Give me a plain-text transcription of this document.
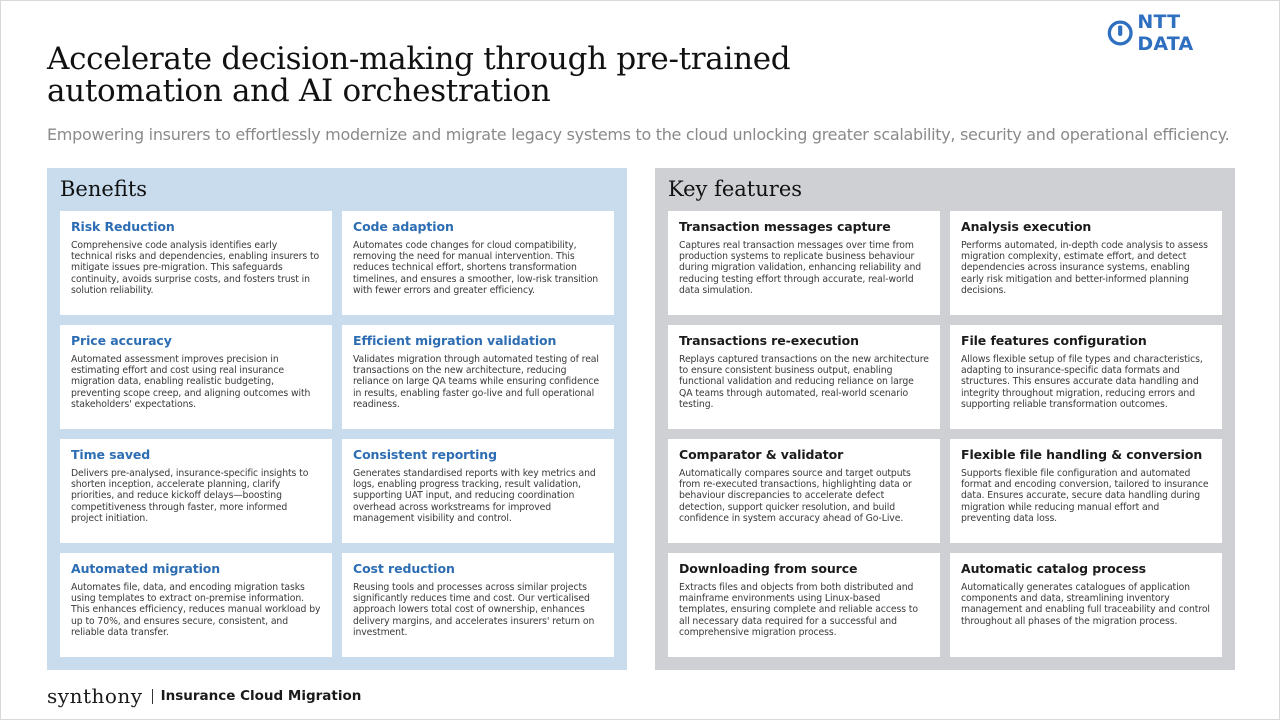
NTT DATA
Accelerate decision-making through pre-trained automation and AI orchestration

Empowering insurers to effortlessly modernize and migrate legacy systems to the cloud unlocking greater scalability, security and operational efficiency.

Benefits
Risk Reduction

Comprehensive code analysis identifies early technical risks and dependencies, enabling insurers to mitigate issues pre-migration. This safeguards continuity, avoids surprise costs, and fosters trust in solution reliability.

Code adaption

Automates code changes for cloud compatibility, removing the need for manual intervention. This reduces technical effort, shortens transformation timelines, and ensures a smoother, low-risk transition with fewer errors and greater efficiency.

Price accuracy

Automated assessment improves precision in estimating effort and cost using real insurance migration data, enabling realistic budgeting, preventing scope creep, and aligning outcomes with stakeholders' expectations.

Efficient migration validation

Validates migration through automated testing of real transactions on the new architecture, reducing reliance on large QA teams while ensuring confidence in results, enabling faster go-live and full operational readiness.

Time saved

Delivers pre-analysed, insurance-specific insights to shorten inception, accelerate planning, clarify priorities, and reduce kickoff delays—boosting competitiveness through faster, more informed project initiation.

Consistent reporting

Generates standardised reports with key metrics and logs, enabling progress tracking, result validation, supporting UAT input, and reducing coordination overhead across workstreams for improved management visibility and control.

Automated migration

Automates file, data, and encoding migration tasks using templates to extract on-premise information. This enhances efficiency, reduces manual workload by up to 70%, and ensures secure, consistent, and reliable data transfer.

Cost reduction

Reusing tools and processes across similar projects significantly reduces time and cost. Our verticalised approach lowers total cost of ownership, enhances delivery margins, and accelerates insurers' return on investment.

Key features
Transaction messages capture

Captures real transaction messages over time from production systems to replicate business behaviour during migration validation, enhancing reliability and reducing testing effort through accurate, real-world data simulation.

Analysis execution

Performs automated, in-depth code analysis to assess migration complexity, estimate effort, and detect dependencies across insurance systems, enabling early risk mitigation and better-informed planning decisions.

Transactions re-execution

Replays captured transactions on the new architecture to ensure consistent business output, enabling functional validation and reducing reliance on large QA teams through automated, real-world scenario testing.

File features configuration

Allows flexible setup of file types and characteristics, adapting to insurance-specific data formats and structures. This ensures accurate data handling and integrity throughout migration, reducing errors and supporting reliable transformation outcomes.

Comparator & validator

Automatically compares source and target outputs from re-executed transactions, highlighting data or behaviour discrepancies to accelerate defect detection, support quicker resolution, and build confidence in system accuracy ahead of Go-Live.

Flexible file handling & conversion

Supports flexible file configuration and automated format and encoding conversion, tailored to insurance data. Ensures accurate, secure data handling during migration while reducing manual effort and preventing data loss.

Downloading from source

Extracts files and objects from both distributed and mainframe environments using Linux-based templates, ensuring complete and reliable access to all necessary data required for a successful and comprehensive migration process.

Automatic catalog process

Automatically generates catalogues of application components and data, streamlining inventory management and enabling full traceability and control throughout all phases of the migration process.

synthony Insurance Cloud Migration
